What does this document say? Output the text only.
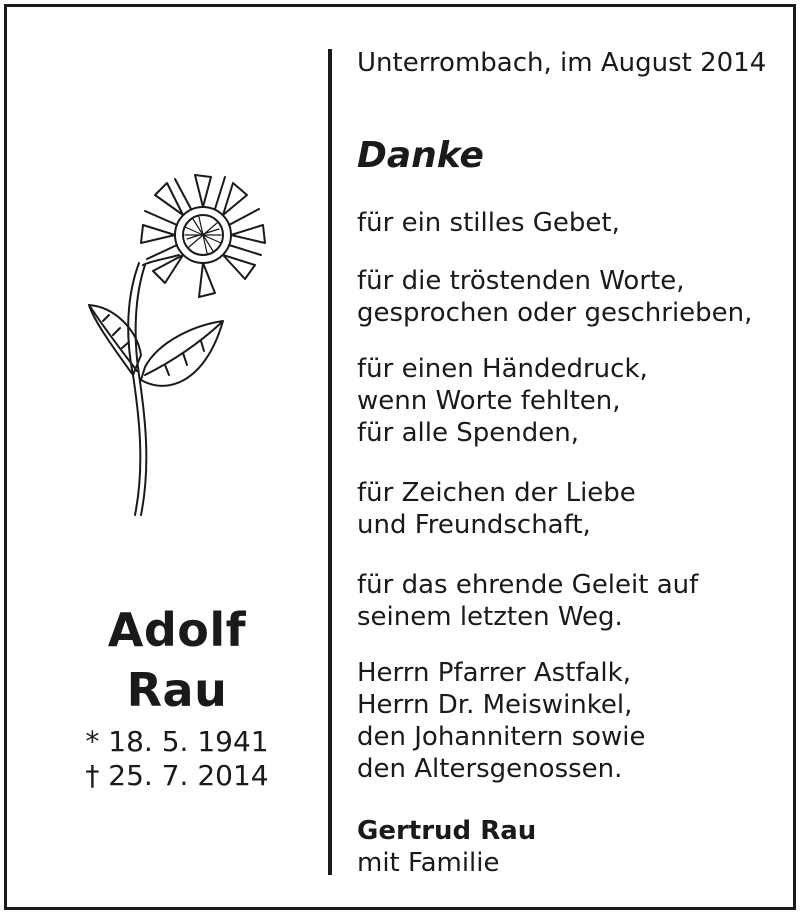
Adolf
Rau
* 18. 5. 1941
† 25. 7. 2014
Unterrombach, im August 2014
Danke
für ein stilles Gebet,
für die tröstenden Worte,
gesprochen oder geschrieben,
für einen Händedruck,
wenn Worte fehlten,
für alle Spenden,
für Zeichen der Liebe
und Freundschaft,
für das ehrende Geleit auf
seinem letzten Weg.
Herrn Pfarrer Astfalk,
Herrn Dr. Meiswinkel,
den Johannitern sowie
den Altersgenossen.
Gertrud Rau
mit Familie
